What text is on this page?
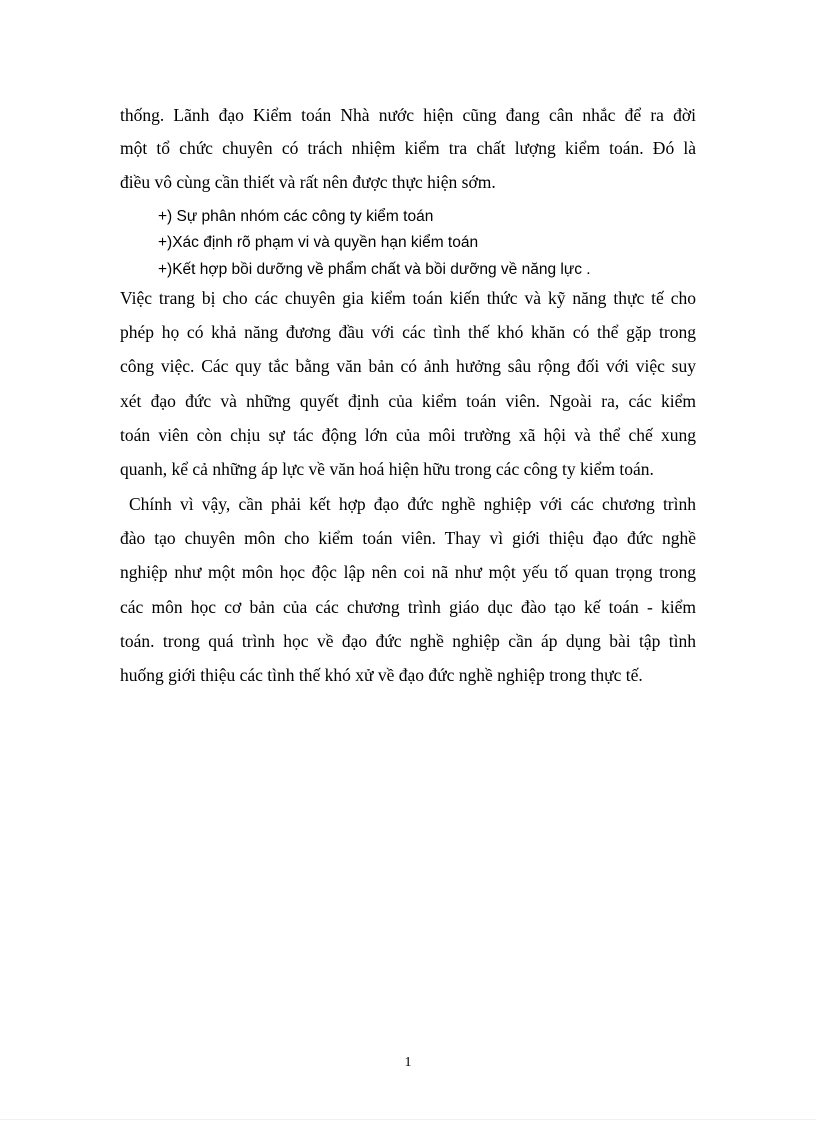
thống. Lãnh đạo Kiểm toán Nhà nước hiện cũng đang cân nhắc để ra đời
một tổ chức chuyên có trách nhiệm kiểm tra chất lượng kiểm toán. Đó là
điều vô cùng cần thiết và rất nên được thực hiện sớm.
+) Sự phân nhóm các công ty kiểm toán
+)Xác định rõ phạm vi và quyền hạn kiểm toán
+)Kết hợp bồi dưỡng về phẩm chất và bồi dưỡng về năng lực .
Việc trang bị cho các chuyên gia kiểm toán kiến thức và kỹ năng thực tế cho
phép họ có khả năng đương đầu với các tình thế khó khăn có thể gặp trong
công việc. Các quy tắc bằng văn bản có ảnh hưởng sâu rộng đối với việc suy
xét đạo đức và những quyết định của kiểm toán viên. Ngoài ra, các kiểm
toán viên còn chịu sự tác động lớn của môi trường xã hội và thể chế xung
quanh, kể cả những áp lực về văn hoá hiện hữu trong các công ty kiểm toán.
Chính vì vậy, cần phải kết hợp đạo đức nghề nghiệp với các chương trình
đào tạo chuyên môn cho kiểm toán viên. Thay vì giới thiệu đạo đức nghề
nghiệp như một môn học độc lập nên coi nã như một yếu tố quan trọng trong
các môn học cơ bản của các chương trình giáo dục đào tạo kế toán - kiểm
toán. trong quá trình học về đạo đức nghề nghiệp cần áp dụng bài tập tình
huống giới thiệu các tình thế khó xử về đạo đức nghề nghiệp trong thực tế.
1
